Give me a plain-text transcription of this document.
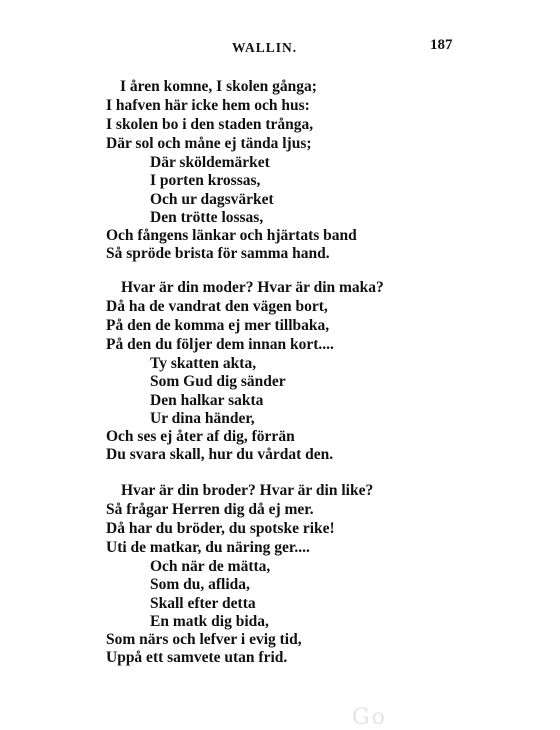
WALLIN.	187
I åren komne, I skolen gånga;
I hafven här icke hem och hus:
I skolen bo i den staden trånga,
Där sol och måne ej tända ljus;
Där sköldemärket
I porten krossas,
Och ur dagsvärket
Den trötte lossas,
Och fångens länkar och hjärtats band
Så spröde brista för samma hand.
Hvar är din moder? Hvar är din maka?
Då ha de vandrat den vägen bort,
På den de komma ej mer tillbaka,
På den du följer dem innan kort....
Ty skatten akta,
Som Gud dig sänder
Den halkar sakta
Ur dina händer,
Och ses ej åter af dig, förrän
Du svara skall, hur du vårdat den.
Hvar är din broder? Hvar är din like?
Så frågar Herren dig då ej mer.
Då har du bröder, du spotske rike!
Uti de matkar, du näring ger....
Och när de mätta,
Som du, aflida,
Skall efter detta
En matk dig bida,
Som närs och lefver i evig tid,
Uppå ett samvete utan frid.
Go
